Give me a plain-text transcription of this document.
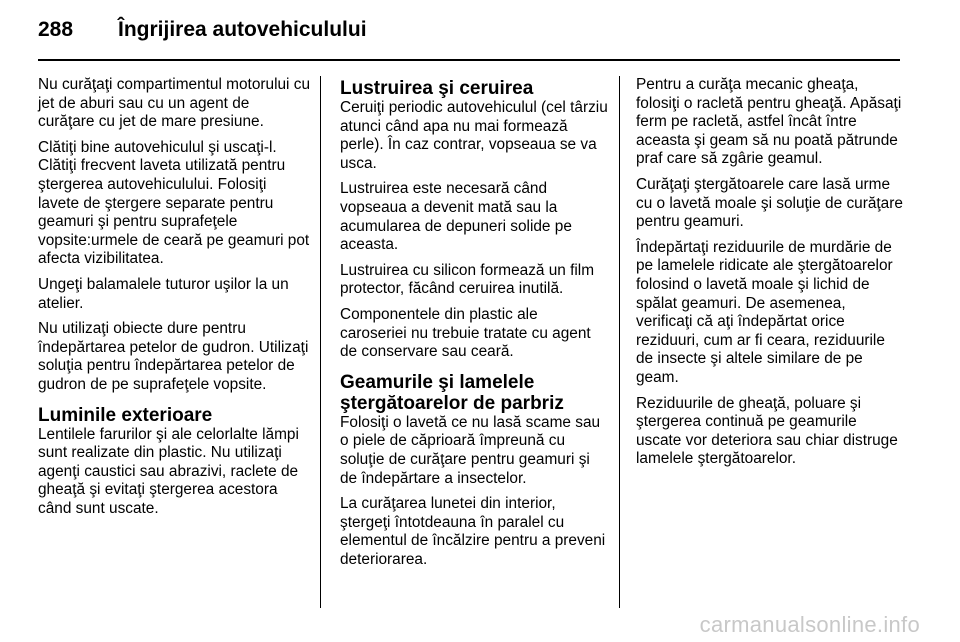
288	Îngrijirea autovehiculului

Nu curăţaţi compartimentul motorului cu jet de aburi sau cu un agent de curăţare cu jet de mare presiune.

Clătiţi bine autovehiculul şi uscaţi-l. Clătiţi frecvent laveta utilizată pentru ştergerea autovehiculului. Folosiţi lavete de ştergere separate pentru geamuri şi pentru suprafeţele vopsite:urmele de ceară pe geamuri pot afecta vizibilitatea.

Ungeţi balamalele tuturor uşilor la un atelier.

Nu utilizaţi obiecte dure pentru îndepărtarea petelor de gudron. Utilizaţi soluţia pentru îndepărtarea petelor de gudron de pe suprafeţele vopsite.

Luminile exterioare

Lentilele farurilor şi ale celorlalte lămpi sunt realizate din plastic. Nu utilizaţi agenţi caustici sau abrazivi, raclete de gheaţă şi evitaţi ştergerea acestora când sunt uscate.

Lustruirea şi ceruirea

Ceruiţi periodic autovehiculul (cel târziu atunci când apa nu mai formează perle). În caz contrar, vopseaua se va usca.

Lustruirea este necesară când vopseaua a devenit mată sau la acumularea de depuneri solide pe aceasta.

Lustruirea cu silicon formează un film protector, făcând ceruirea inutilă.

Componentele din plastic ale caroseriei nu trebuie tratate cu agent de conservare sau ceară.

Geamurile şi lamelele ştergătoarelor de parbriz

Folosiţi o lavetă ce nu lasă scame sau o piele de căprioară împreună cu soluţie de curăţare pentru geamuri şi de îndepărtare a insectelor.

La curăţarea lunetei din interior, ştergeţi întotdeauna în paralel cu elementul de încălzire pentru a preveni deteriorarea.

Pentru a curăţa mecanic gheaţa, folosiţi o racletă pentru gheaţă. Apăsaţi ferm pe racletă, astfel încât între aceasta şi geam să nu poată pătrunde praf care să zgârie geamul.

Curăţaţi ştergătoarele care lasă urme cu o lavetă moale şi soluţie de curăţare pentru geamuri.

Îndepărtaţi reziduurile de murdărie de pe lamelele ridicate ale ştergătoarelor folosind o lavetă moale şi lichid de spălat geamuri. De asemenea, verificaţi că aţi îndepărtat orice reziduuri, cum ar fi ceara, reziduurile de insecte şi altele similare de pe geam.

Reziduurile de gheaţă, poluare şi ştergerea continuă pe geamurile uscate vor deteriora sau chiar distruge lamelele ştergătoarelor.

carmanualsonline.info
